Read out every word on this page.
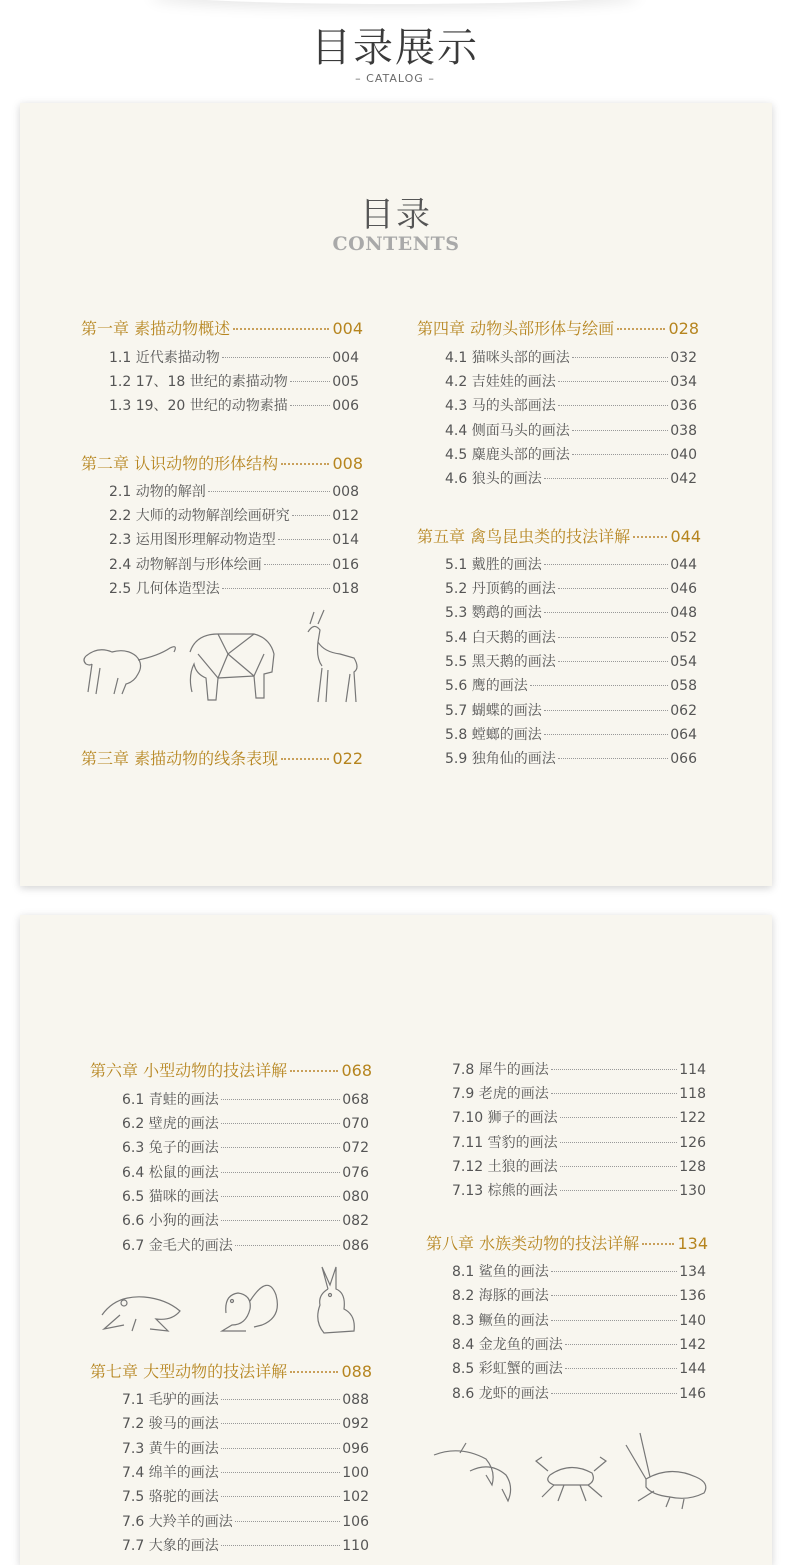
目录展示
– CATALOG –
目录
CONTENTS
第一章 素描动物概述	004
1.1 近代素描动物	004
1.2 17、18 世纪的素描动物	005
1.3 19、20 世纪的动物素描	006
第二章 认识动物的形体结构	008
2.1 动物的解剖	008
2.2 大师的动物解剖绘画研究	012
2.3 运用图形理解动物造型	014
2.4 动物解剖与形体绘画	016
2.5 几何体造型法	018
第三章 素描动物的线条表现	022
第四章 动物头部形体与绘画	028
4.1 猫咪头部的画法	032
4.2 吉娃娃的画法	034
4.3 马的头部画法	036
4.4 侧面马头的画法	038
4.5 麋鹿头部的画法	040
4.6 狼头的画法	042
第五章 禽鸟昆虫类的技法详解	044
5.1 戴胜的画法	044
5.2 丹顶鹤的画法	046
5.3 鹦鹉的画法	048
5.4 白天鹅的画法	052
5.5 黑天鹅的画法	054
5.6 鹰的画法	058
5.7 蝴蝶的画法	062
5.8 螳螂的画法	064
5.9 独角仙的画法	066
第六章 小型动物的技法详解	068
6.1 青蛙的画法	068
6.2 壁虎的画法	070
6.3 兔子的画法	072
6.4 松鼠的画法	076
6.5 猫咪的画法	080
6.6 小狗的画法	082
6.7 金毛犬的画法	086
第七章 大型动物的技法详解	088
7.1 毛驴的画法	088
7.2 骏马的画法	092
7.3 黄牛的画法	096
7.4 绵羊的画法	100
7.5 骆驼的画法	102
7.6 大羚羊的画法	106
7.7 大象的画法	110
7.8 犀牛的画法	114
7.9 老虎的画法	118
7.10 狮子的画法	122
7.11 雪豹的画法	126
7.12 土狼的画法	128
7.13 棕熊的画法	130
第八章 水族类动物的技法详解 134
8.1 鲨鱼的画法	134
8.2 海豚的画法	136
8.3 鳜鱼的画法	140
8.4 金龙鱼的画法	142
8.5 彩虹蟹的画法	144
8.6 龙虾的画法	146
